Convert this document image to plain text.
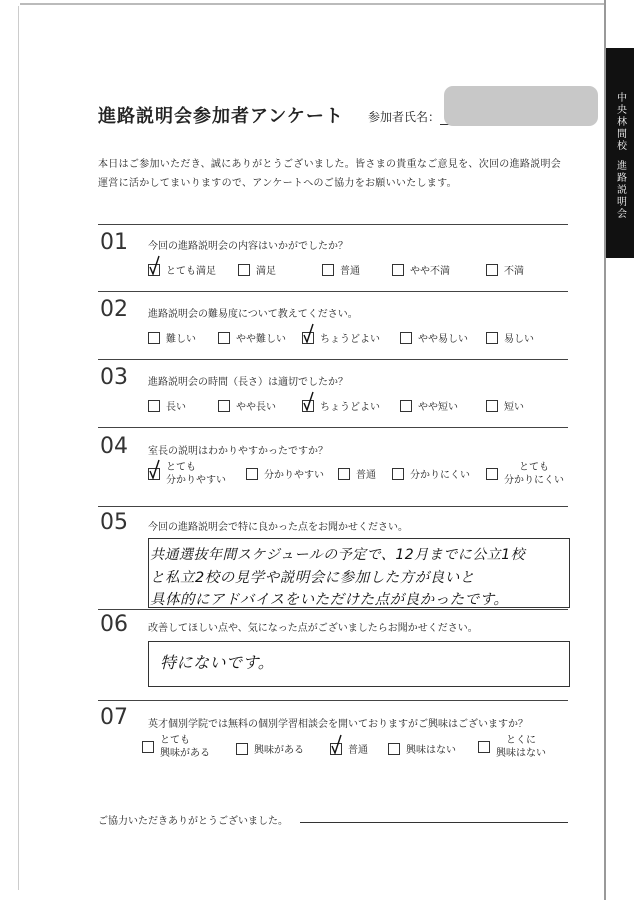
中央林間校
進路説明会
進路説明会参加者アンケート 参加者氏名：
本日はご参加いただき、誠にありがとうございました。皆さまの貴重なご意見を、次回の進路説明会
運営に活かしてまいりますので、アンケートへのご協力をお願いいたします。
01 今回の進路説明会の内容はいかがでしたか？
とても満足	満足	普通	やや不満	不満
02 進路説明会の難易度について教えてください。
難しい	やや難しい	ちょうどよい	やや易しい	易しい
03 進路説明会の時間（長さ）は適切でしたか？
長い	やや長い	ちょうどよい	やや短い	短い
04 室長の説明はわかりやすかったですか？
とても
分かりやすい	分かりやすい	普通	分かりにくい
とても
分かりにくい
05 今回の進路説明会で特に良かった点をお聞かせください。
共通選抜年間スケジュールの予定で、12月までに公立1校
と私立2校の見学や説明会に参加した方が良いと
具体的にアドバイスをいただけた点が良かったです。
06 改善してほしい点や、気になった点がございましたらお聞かせください。
特にないです。
07 英才個別学院では無料の個別学習相談会を開いておりますがご興味はございますか？
とても
興味がある	興味がある	普通	興味はない
とくに
興味はない
ご協力いただきありがとうございました。
